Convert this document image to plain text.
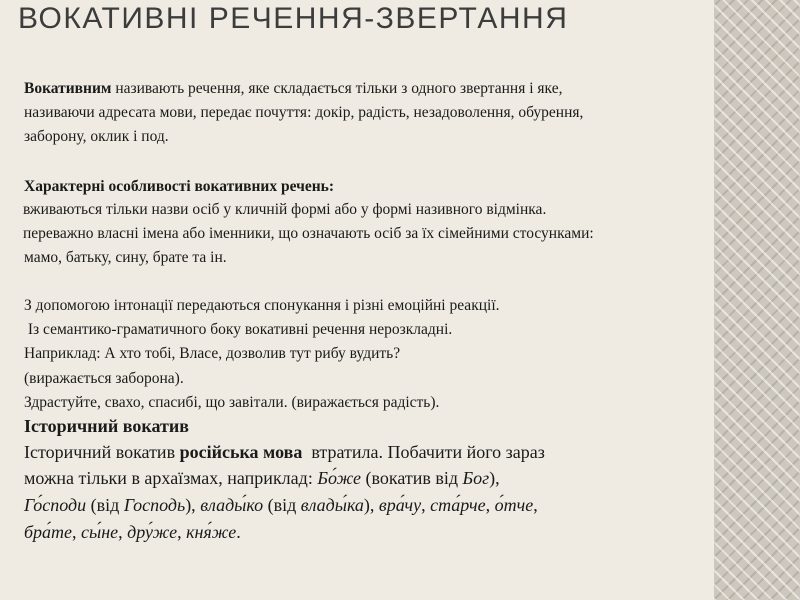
ВОКАТИВНІ РЕЧЕННЯ-ЗВЕРТАННЯ

Вокативним називають речення, яке складається тільки з одного звертання і яке,

називаючи адресата мови, передає почуття: докір, радість, незадоволення, обурення,

заборону, оклик і под.

Характерні особливості вокативних речень:

вживаються тільки назви осіб у кличній формі або у формі називного відмінка.

переважно власні імена або іменники, що означають осіб за їх сімейними стосунками:

мамо, батьку, сину, брате та ін.

З допомогою інтонації передаються спонукання і різні емоційні реакції.

Із семантико-граматичного боку вокативні речення нерозкладні.

Наприклад: А хто тобі, Власе, дозволив тут рибу вудить?

(виражається заборона).

Здрастуйте, свахо, спасибі, що завітали. (виражається радість).

Історичний вокатив

Історичний вокатив російська мова  втратила. Побачити його зараз

можна тільки в архаїзмах, наприклад: Бо́же (вокатив від Бог),

Го́споди (від Господь), влады́ко (від влады́ка), вра́чу, ста́рче, о́тче,

бра́те, сы́не, дру́же, кня́же.
